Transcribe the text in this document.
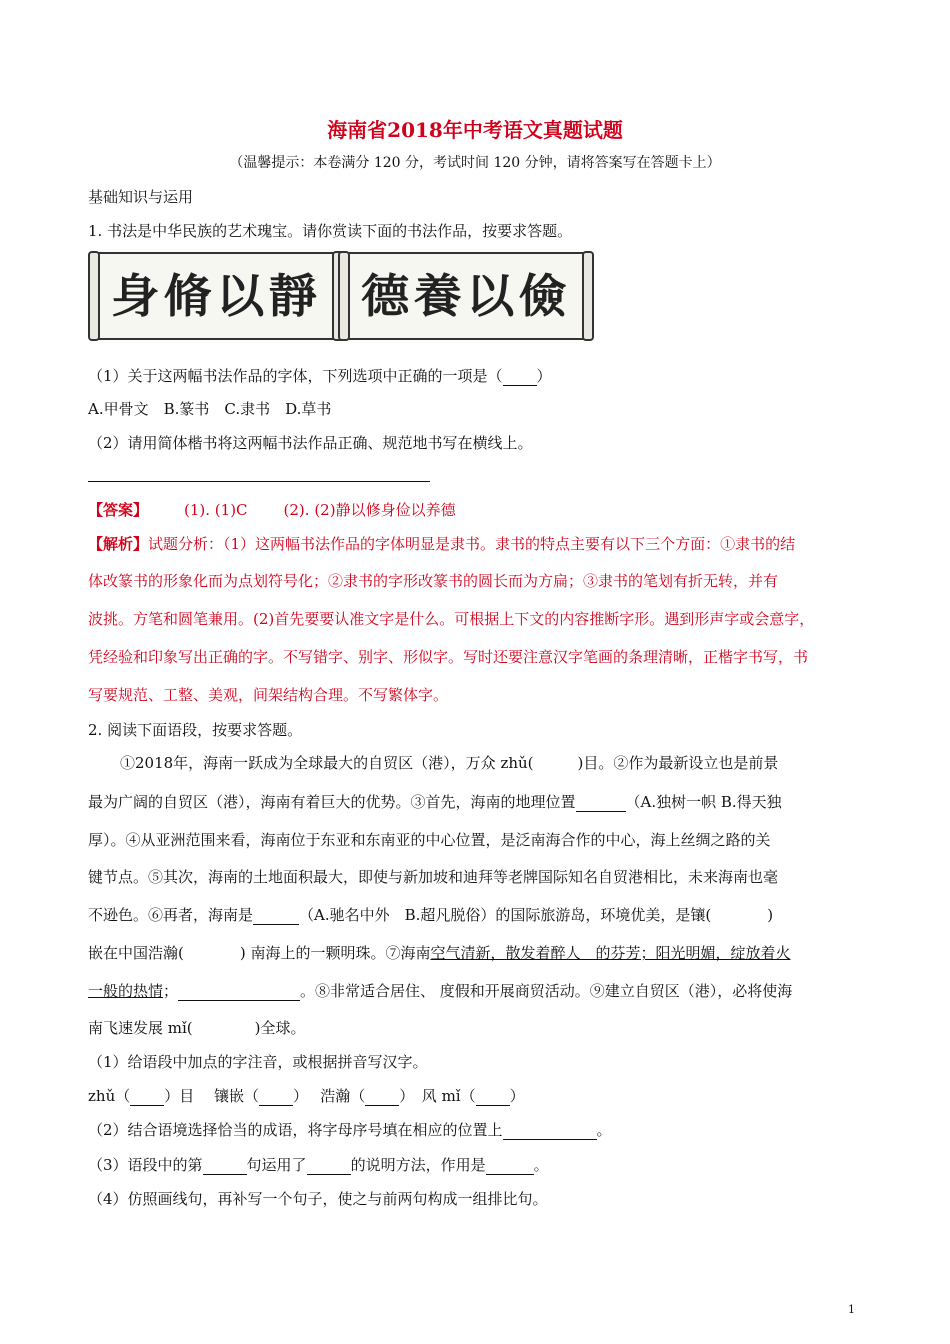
海南省2018年中考语文真题试题
（温馨提示：本卷满分 120 分，考试时间 120 分钟，请将答案写在答题卡上）
基础知识与运用
1. 书法是中华民族的艺术瑰宝。请你赏读下面的书法作品，按要求答题。
身脩以靜 德養以儉
（1）关于这两幅书法作品的字体，下列选项中正确的一项是（ ）
A.甲骨文　B.篆书　C.隶书　D.草书
（2）请用简体楷书将这两幅书法作品正确、规范地书写在横线上。
【答案】 (1). (1)C (2). (2)静以修身俭以养德
【解析】试题分析：（1）这两幅书法作品的字体明显是隶书。隶书的特点主要有以下三个方面：①隶书的结
体改篆书的形象化而为点划符号化；②隶书的字形改篆书的圆长而为方扁；③隶书的笔划有折无转，并有
波挑。方笔和圆笔兼用。(2)首先要要认准文字是什么。可根据上下文的内容推断字形。遇到形声字或会意字，
凭经验和印象写出正确的字。不写错字、别字、形似字。写时还要注意汉字笔画的条理清晰，正楷字书写，书
写要规范、工整、美观，间架结构合理。不写繁体字。
2. 阅读下面语段，按要求答题。
①2018年，海南一跃成为全球最大的自贸区（港），万众 zhǔ(	)目。②作为最新设立也是前景
最为广阔的自贸区（港），海南有着巨大的优势。③首先，海南的地理位置	（A.独树一帜 B.得天独
厚）。④从亚洲范围来看，海南位于东亚和东南亚的中心位置，是泛南海合作的中心，海上丝绸之路的关
键节点。⑤其次，海南的土地面积最大，即使与新加坡和迪拜等老牌国际知名自贸港相比，未来海南也毫
不逊色。⑥再者，海南是	（A.驰名中外　B.超凡脱俗）的国际旅游岛，环境优美，是镶(	)
嵌在中国浩瀚(	) 南海上的一颗明珠。⑦海南空气清新，散发着醉人　的芬芳；阳光明媚，绽放着火
一般的热情；	。⑧非常适合居住、 度假和开展商贸活动。⑨建立自贸区（港），必将使海
南飞速发展 mǐ(	)全球。
（1）给语段中加点的字注音，或根据拼音写汉字。
zhǔ（ ）目　 镶嵌（ ）　 浩瀚（ ）　风 mǐ（ ）
（2）结合语境选择恰当的成语，将字母序号填在相应的位置上	。
（3）语段中的第	句运用了	的说明方法，作用是	。
（4）仿照画线句，再补写一个句子，使之与前两句构成一组排比句。
1
